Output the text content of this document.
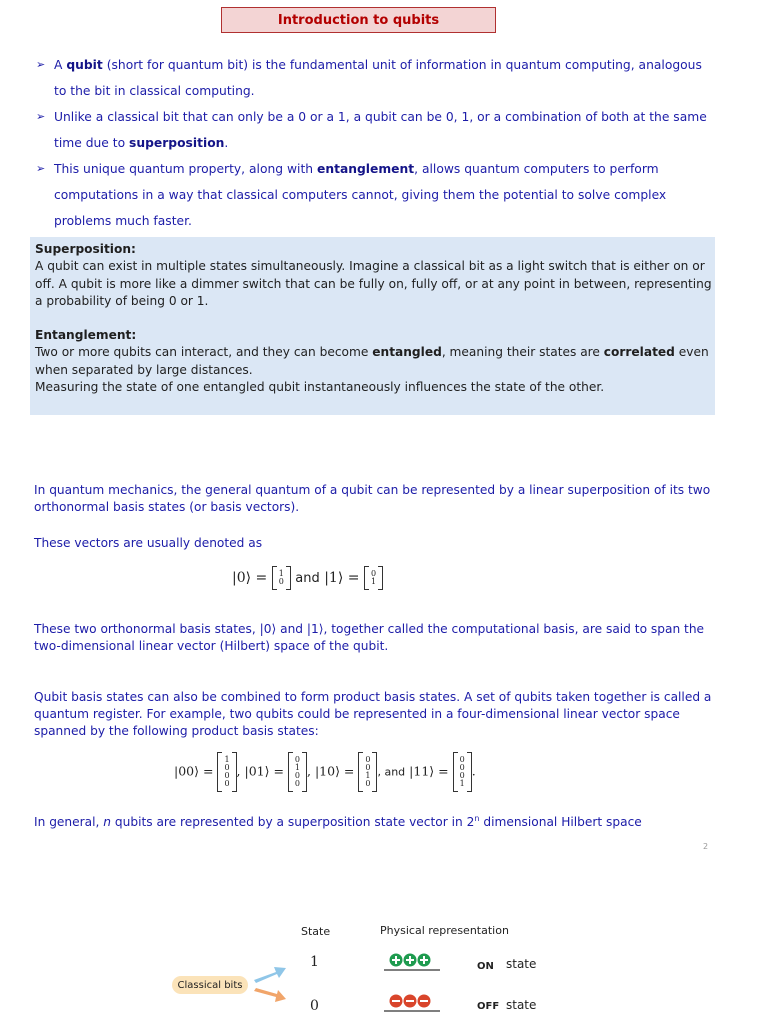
Introduction to qubits
➢ A qubit (short for quantum bit) is the fundamental unit of information in quantum computing, analogous to the bit in classical computing.
➢ Unlike a classical bit that can only be a 0 or a 1, a qubit can be 0, 1, or a combination of both at the same time due to superposition.
➢ This unique quantum property, along with entanglement, allows quantum computers to perform computations in a way that classical computers cannot, giving them the potential to solve complex problems much faster.
Superposition:
A qubit can exist in multiple states simultaneously. Imagine a classical bit as a light switch that is either on or off. A qubit is more like a dimmer switch that can be fully on, fully off, or at any point in between, representing a probability of being 0 or 1.
Entanglement:
Two or more qubits can interact, and they can become entangled, meaning their states are correlated even when separated by large distances.
Measuring the state of one entangled qubit instantaneously influences the state of the other.
In quantum mechanics, the general quantum of a qubit can be represented by a linear superposition of its two orthonormal basis states (or basis vectors).
These vectors are usually denoted as
|0⟩ = 1
0 and |1⟩ = 0
1
These two orthonormal basis states, |0⟩ and |1⟩, together called the computational basis, are said to span the two-dimensional linear vector (Hilbert) space of the qubit.
Qubit basis states can also be combined to form product basis states. A set of qubits taken together is called a quantum register. For example, two qubits could be represented in a four-dimensional linear vector space spanned by the following product basis states:
|00⟩ =
1
0
0
0
, |01⟩ =
0
1
0
0
, |10⟩ =
0
0
1
0
, and |11⟩ =
0
0
0
1
.
In general, n qubits are represented by a superposition state vector in 2$^n$ dimensional Hilbert space
2
State	Physical representation
Classical bits
1
0
ON state
OFF state
